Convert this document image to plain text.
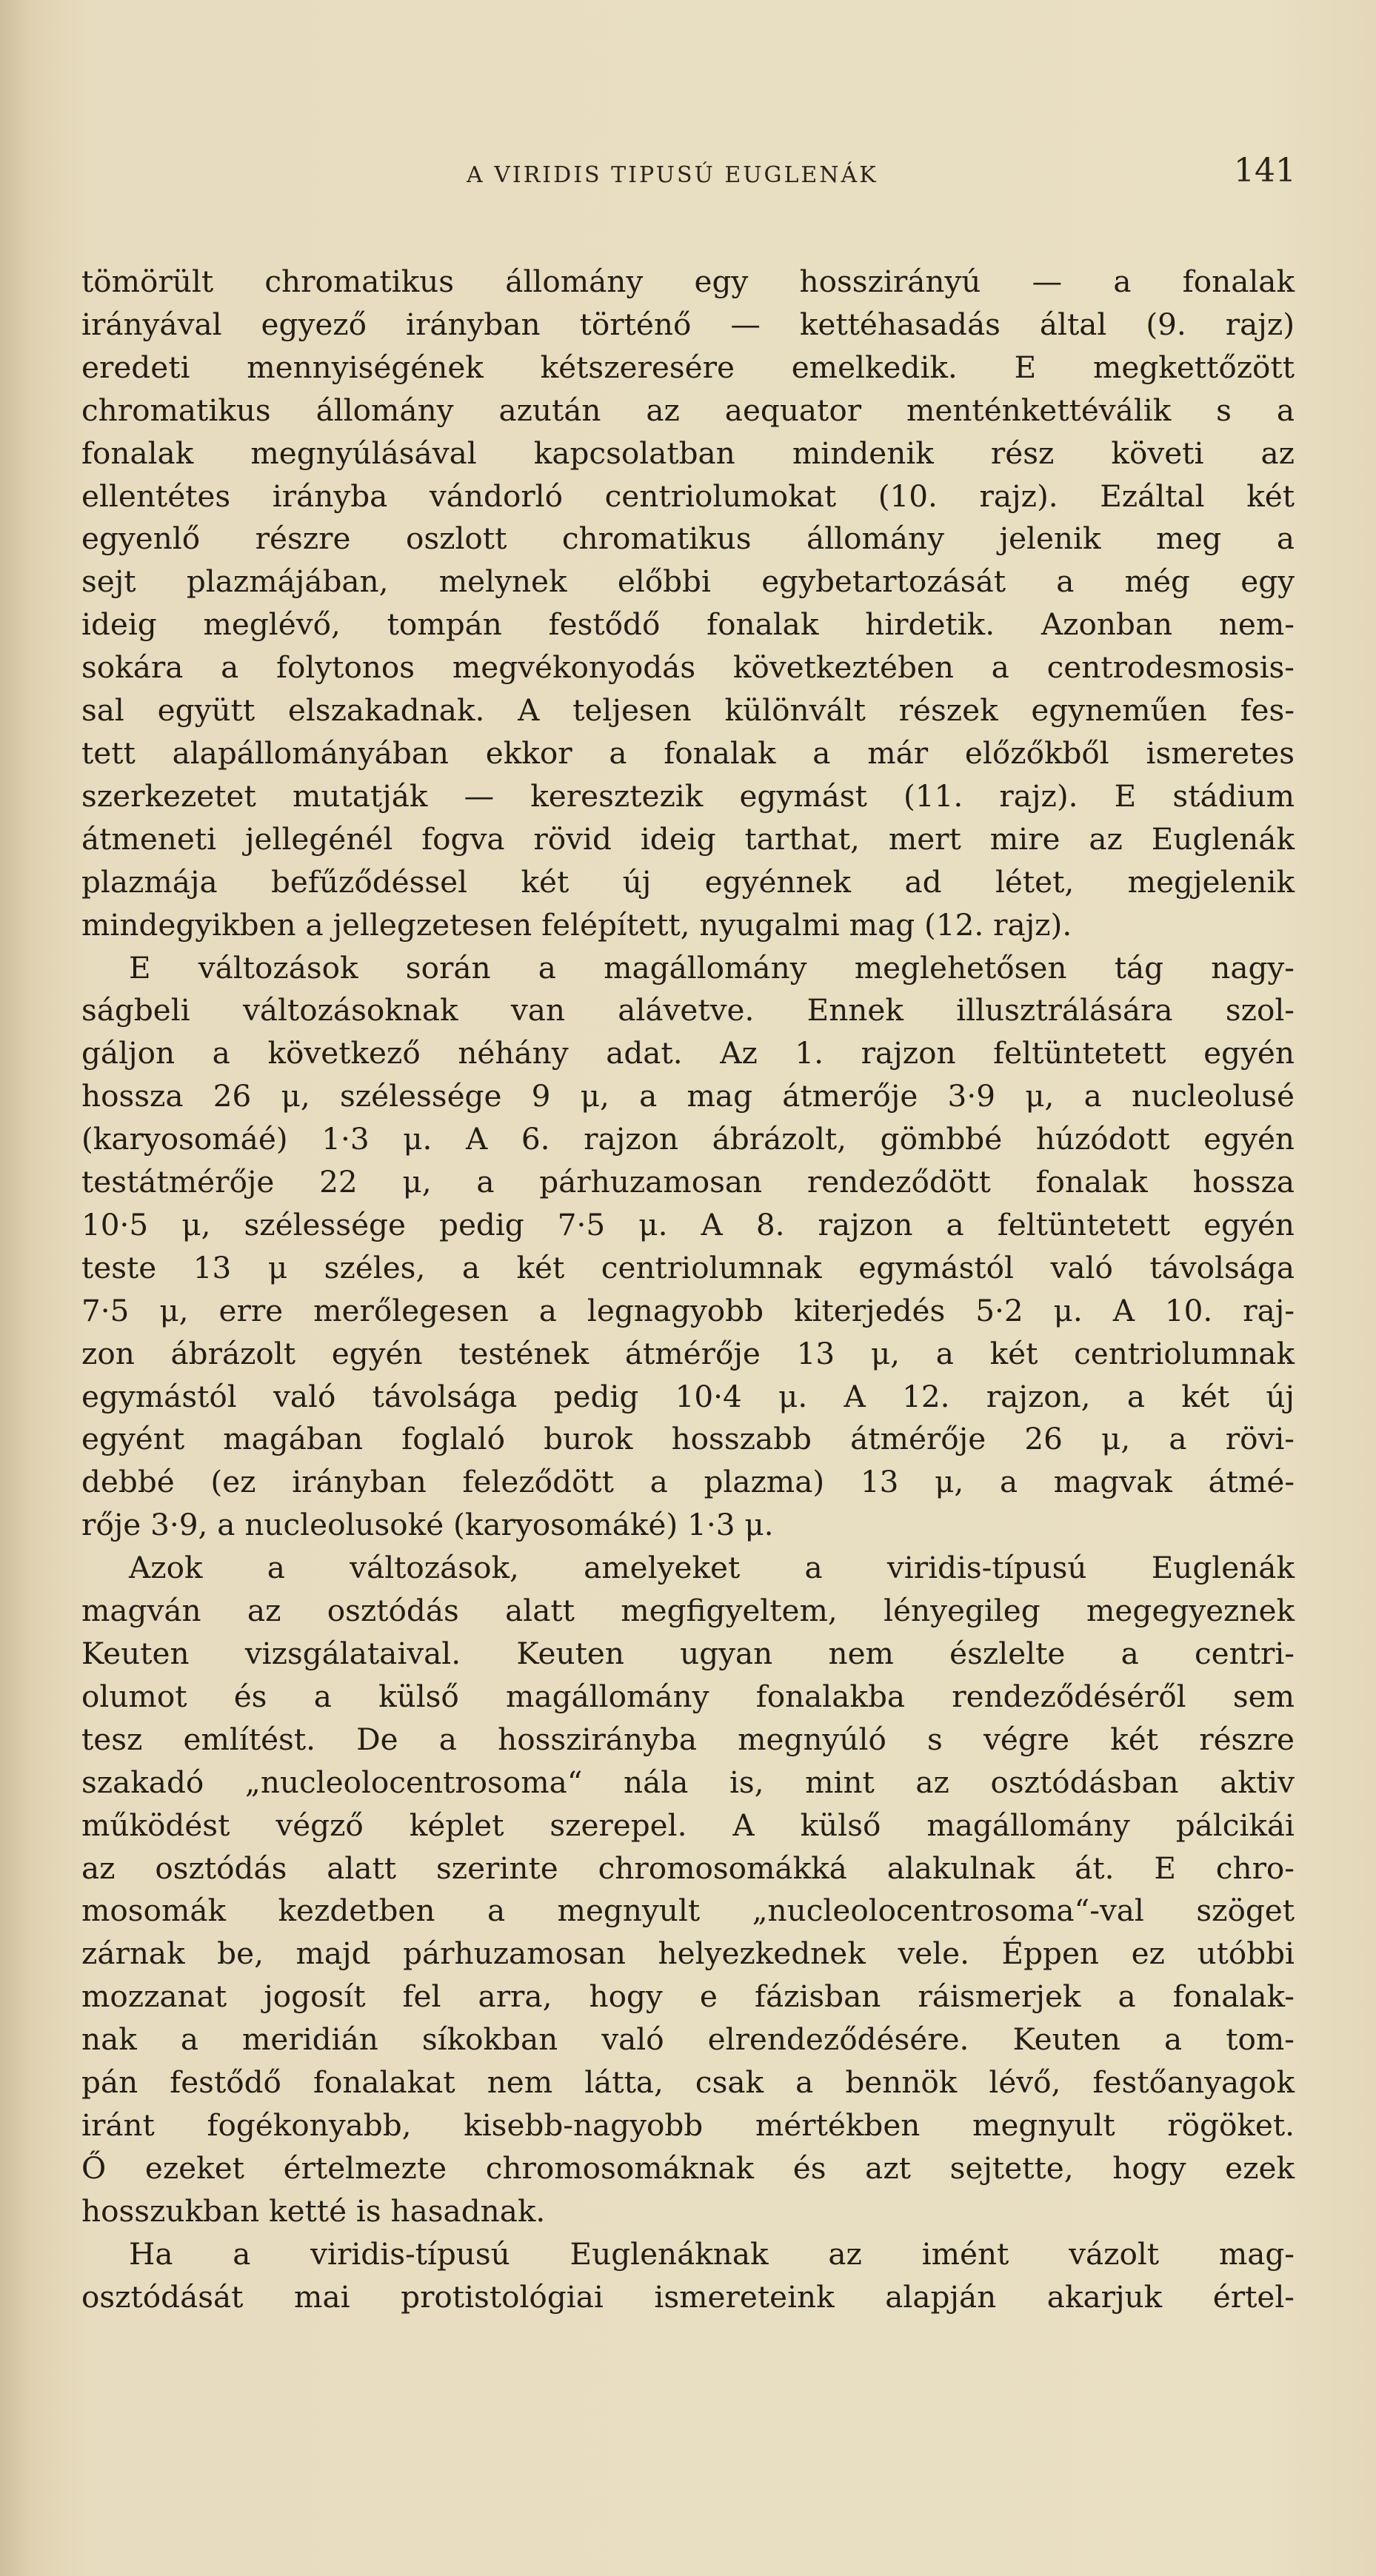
A VIRIDIS TIPUSÚ EUGLENÁK	141

tömörült chromatikus állomány egy hosszirányú — a fonalak
irányával egyező irányban történő — kettéhasadás által (9. rajz)
eredeti mennyiségének kétszeresére emelkedik. E megkettőzött
chromatikus állomány azután az aequator menténkettéválik s a
fonalak megnyúlásával kapcsolatban mindenik rész követi az
ellentétes irányba vándorló centriolumokat (10. rajz). Ezáltal két
egyenlő részre oszlott chromatikus állomány jelenik meg a
sejt plazmájában, melynek előbbi egybetartozását a még egy
ideig meglévő, tompán festődő fonalak hirdetik. Azonban nem-
sokára a folytonos megvékonyodás következtében a centrodesmosis-
sal együtt elszakadnak. A teljesen különvált részek egyneműen fes-
tett alapállományában ekkor a fonalak a már előzőkből ismeretes
szerkezetet mutatják — keresztezik egymást (11. rajz). E stádium
átmeneti jellegénél fogva rövid ideig tarthat, mert mire az Euglenák
plazmája befűződéssel két új egyénnek ad létet, megjelenik
mindegyikben a jellegzetesen felépített, nyugalmi mag (12. rajz).

E változások során a magállomány meglehetősen tág nagy-
ságbeli változásoknak van alávetve. Ennek illusztrálására szol-
gáljon a következő néhány adat. Az 1. rajzon feltüntetett egyén
hossza 26 μ, szélessége 9 μ, a mag átmerője 3·9 μ, a nucleolusé
(karyosomáé) 1·3 μ. A 6. rajzon ábrázolt, gömbbé húzódott egyén
testátmérője 22 μ, a párhuzamosan rendeződött fonalak hossza
10·5 μ, szélessége pedig 7·5 μ. A 8. rajzon a feltüntetett egyén
teste 13 μ széles, a két centriolumnak egymástól való távolsága
7·5 μ, erre merőlegesen a legnagyobb kiterjedés 5·2 μ. A 10. raj-
zon ábrázolt egyén testének átmérője 13 μ, a két centriolumnak
egymástól való távolsága pedig 10·4 μ. A 12. rajzon, a két új
egyént magában foglaló burok hosszabb átmérője 26 μ, a rövi-
debbé (ez irányban feleződött a plazma) 13 μ, a magvak átmé-
rője 3·9, a nucleolusoké (karyosomáké) 1·3 μ.

Azok a változások, amelyeket a viridis-típusú Euglenák
magván az osztódás alatt megfigyeltem, lényegileg megegyeznek
Keuten vizsgálataival. Keuten ugyan nem észlelte a centri-
olumot és a külső magállomány fonalakba rendeződéséről sem
tesz említést. De a hosszirányba megnyúló s végre két részre
szakadó „nucleolocentrosoma“ nála is, mint az osztódásban aktiv
működést végző képlet szerepel. A külső magállomány pálcikái
az osztódás alatt szerinte chromosomákká alakulnak át. E chro-
mosomák kezdetben a megnyult „nucleolocentrosoma“-val szöget
zárnak be, majd párhuzamosan helyezkednek vele. Éppen ez utóbbi
mozzanat jogosít fel arra, hogy e fázisban ráismerjek a fonalak-
nak a meridián síkokban való elrendeződésére. Keuten a tom-
pán festődő fonalakat nem látta, csak a bennök lévő, festőanyagok
iránt fogékonyabb, kisebb-nagyobb mértékben megnyult rögöket.
Ő ezeket értelmezte chromosomáknak és azt sejtette, hogy ezek
hosszukban ketté is hasadnak.

Ha a viridis-típusú Euglenáknak az imént vázolt mag-
osztódását mai protistológiai ismereteink alapján akarjuk értel-
